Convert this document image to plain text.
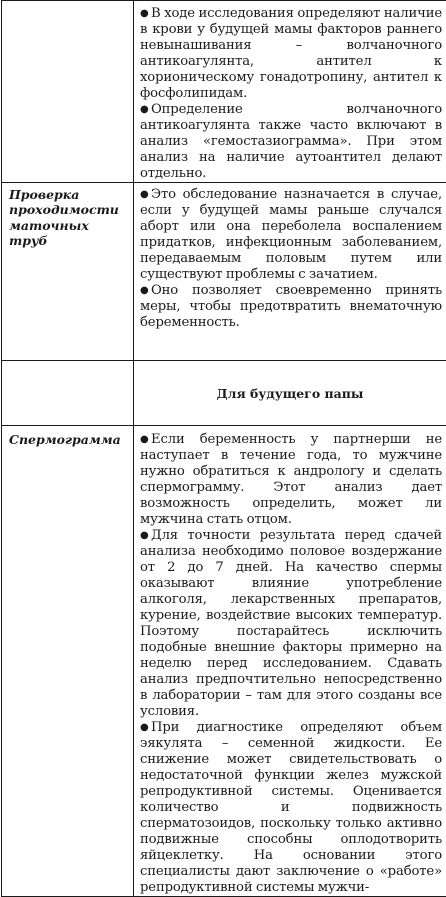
	● В ходе исследования определяют наличие в крови у будущей мамы факторов раннего невынашивания – волчаночного антикоагулянта, антител к хорионическому гонадотропину, антител к фосфолипидам.

● Определение волчаночного антикоагулянта также часто включают в анализ «гемостазиограмма». При этом анализ на наличие аутоантител делают отдельно.

Проверка проходимости маточных труб	● Это обследование назначается в случае, если у будущей мамы раньше случался аборт или она переболела воспалением придатков, инфекционным заболеванием, передаваемым половым путем или существуют проблемы с зачатием.

● Оно позволяет своевременно принять меры, чтобы предотвратить внематочную беременность.

	Для будущего папы

Спермограмма	● Если беременность у партнерши не наступает в течение года, то мужчине нужно обратиться к андрологу и сделать спермограмму. Этот анализ дает возможность определить, может ли мужчина стать отцом.

● Для точности результата перед сдачей анализа необходимо половое воздержание от 2 до 7 дней. На качество спермы оказывают влияние употребление алкоголя, лекарственных препаратов, курение, воздействие высоких температур. Поэтому постарайтесь исключить подобные внешние факторы примерно на неделю перед исследованием. Сдавать анализ предпочтительно непосредственно в лаборатории – там для этого созданы все условия.

● При диагностике определяют объем эякулята – семенной жидкости. Ее снижение может свидетельствовать о недостаточной функции желез мужской репродуктивной системы. Оценивается количество и подвижность сперматозоидов, поскольку только активно подвижные способны оплодотворить яйцеклетку. На основании этого специалисты дают заключение о «работе» репродуктивной системы мужчи-
